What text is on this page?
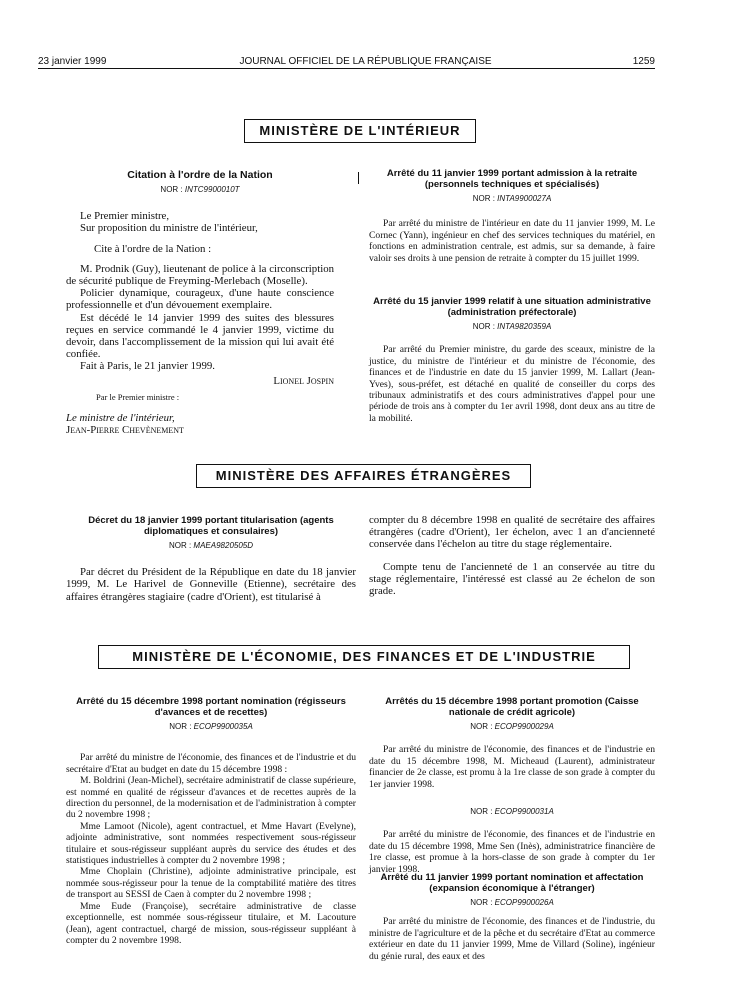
23 janvier 1999	JOURNAL OFFICIEL DE LA RÉPUBLIQUE FRANÇAISE	1259
MINISTÈRE DE L'INTÉRIEUR

Citation à l'ordre de la Nation

NOR : INTC9900010T

Le Premier ministre,

Sur proposition du ministre de l'intérieur,

Cite à l'ordre de la Nation :

M. Prodnik (Guy), lieutenant de police à la circonscription de sécurité publique de Freyming-Merlebach (Moselle).

Policier dynamique, courageux, d'une haute conscience professionnelle et d'un dévouement exemplaire.

Est décédé le 14 janvier 1999 des suites des blessures reçues en service commandé le 4 janvier 1999, victime du devoir, dans l'accomplissement de la mission qui lui avait été confiée.

Fait à Paris, le 21 janvier 1999.

Lionel Jospin

Par le Premier ministre :

Le ministre de l'intérieur,

Jean-Pierre Chevènement

Arrêté du 11 janvier 1999 portant admission à la retraite (personnels techniques et spécialisés)

NOR : INTA9900027A

Par arrêté du ministre de l'intérieur en date du 11 janvier 1999, M. Le Cornec (Yann), ingénieur en chef des services techniques du matériel, en fonctions en administration centrale, est admis, sur sa demande, à faire valoir ses droits à une pension de retraite à compter du 15 juillet 1999.

Arrêté du 15 janvier 1999 relatif à une situation administrative (administration préfectorale)

NOR : INTA9820359A

Par arrêté du Premier ministre, du garde des sceaux, ministre de la justice, du ministre de l'intérieur et du ministre de l'économie, des finances et de l'industrie en date du 15 janvier 1999, M. Lallart (Jean-Yves), sous-préfet, est détaché en qualité de conseiller du corps des tribunaux administratifs et des cours administratives d'appel pour une période de trois ans à compter du 1er avril 1998, dont deux ans au titre de la mobilité.

MINISTÈRE DES AFFAIRES ÉTRANGÈRES

Décret du 18 janvier 1999 portant titularisation (agents diplomatiques et consulaires)

NOR : MAEA9820505D

Par décret du Président de la République en date du 18 janvier 1999, M. Le Harivel de Gonneville (Etienne), secrétaire des affaires étrangères stagiaire (cadre d'Orient), est titularisé à

compter du 8 décembre 1998 en qualité de secrétaire des affaires étrangères (cadre d'Orient), 1er échelon, avec 1 an d'ancienneté conservée dans l'échelon au titre du stage réglementaire.

Compte tenu de l'ancienneté de 1 an conservée au titre du stage réglementaire, l'intéressé est classé au 2e échelon de son grade.

MINISTÈRE DE L'ÉCONOMIE, DES FINANCES ET DE L'INDUSTRIE

Arrêté du 15 décembre 1998 portant nomination (régisseurs d'avances et de recettes)

NOR : ECOP9900035A

Par arrêté du ministre de l'économie, des finances et de l'industrie et du secrétaire d'Etat au budget en date du 15 décembre 1998 :

M. Boldrini (Jean-Michel), secrétaire administratif de classe supérieure, est nommé en qualité de régisseur d'avances et de recettes auprès de la direction du personnel, de la modernisation et de l'administration à compter du 2 novembre 1998 ;

Mme Lamoot (Nicole), agent contractuel, et Mme Havart (Evelyne), adjointe administrative, sont nommées respectivement sous-régisseur titulaire et sous-régisseur suppléant auprès du service des études et des statistiques industrielles à compter du 2 novembre 1998 ;

Mme Choplain (Christine), adjointe administrative principale, est nommée sous-régisseur pour la tenue de la comptabilité matière des titres de transport au SESSI de Caen à compter du 2 novembre 1998 ;

Mme Eude (Françoise), secrétaire administrative de classe exceptionnelle, est nommée sous-régisseur titulaire, et M. Lacouture (Jean), agent contractuel, chargé de mission, sous-régisseur suppléant à compter du 2 novembre 1998.

Arrêtés du 15 décembre 1998 portant promotion (Caisse nationale de crédit agricole)

NOR : ECOP9900029A

Par arrêté du ministre de l'économie, des finances et de l'industrie en date du 15 décembre 1998, M. Micheaud (Laurent), administrateur financier de 2e classe, est promu à la 1re classe de son grade à compter du 1er janvier 1998.

NOR : ECOP9900031A

Par arrêté du ministre de l'économie, des finances et de l'industrie en date du 15 décembre 1998, Mme Sen (Inès), administratrice financière de 1re classe, est promue à la hors-classe de son grade à compter du 1er janvier 1998.

Arrêté du 11 janvier 1999 portant nomination et affectation (expansion économique à l'étranger)

NOR : ECOP9900026A

Par arrêté du ministre de l'économie, des finances et de l'industrie, du ministre de l'agriculture et de la pêche et du secrétaire d'Etat au commerce extérieur en date du 11 janvier 1999, Mme de Villard (Soline), ingénieur du génie rural, des eaux et des
